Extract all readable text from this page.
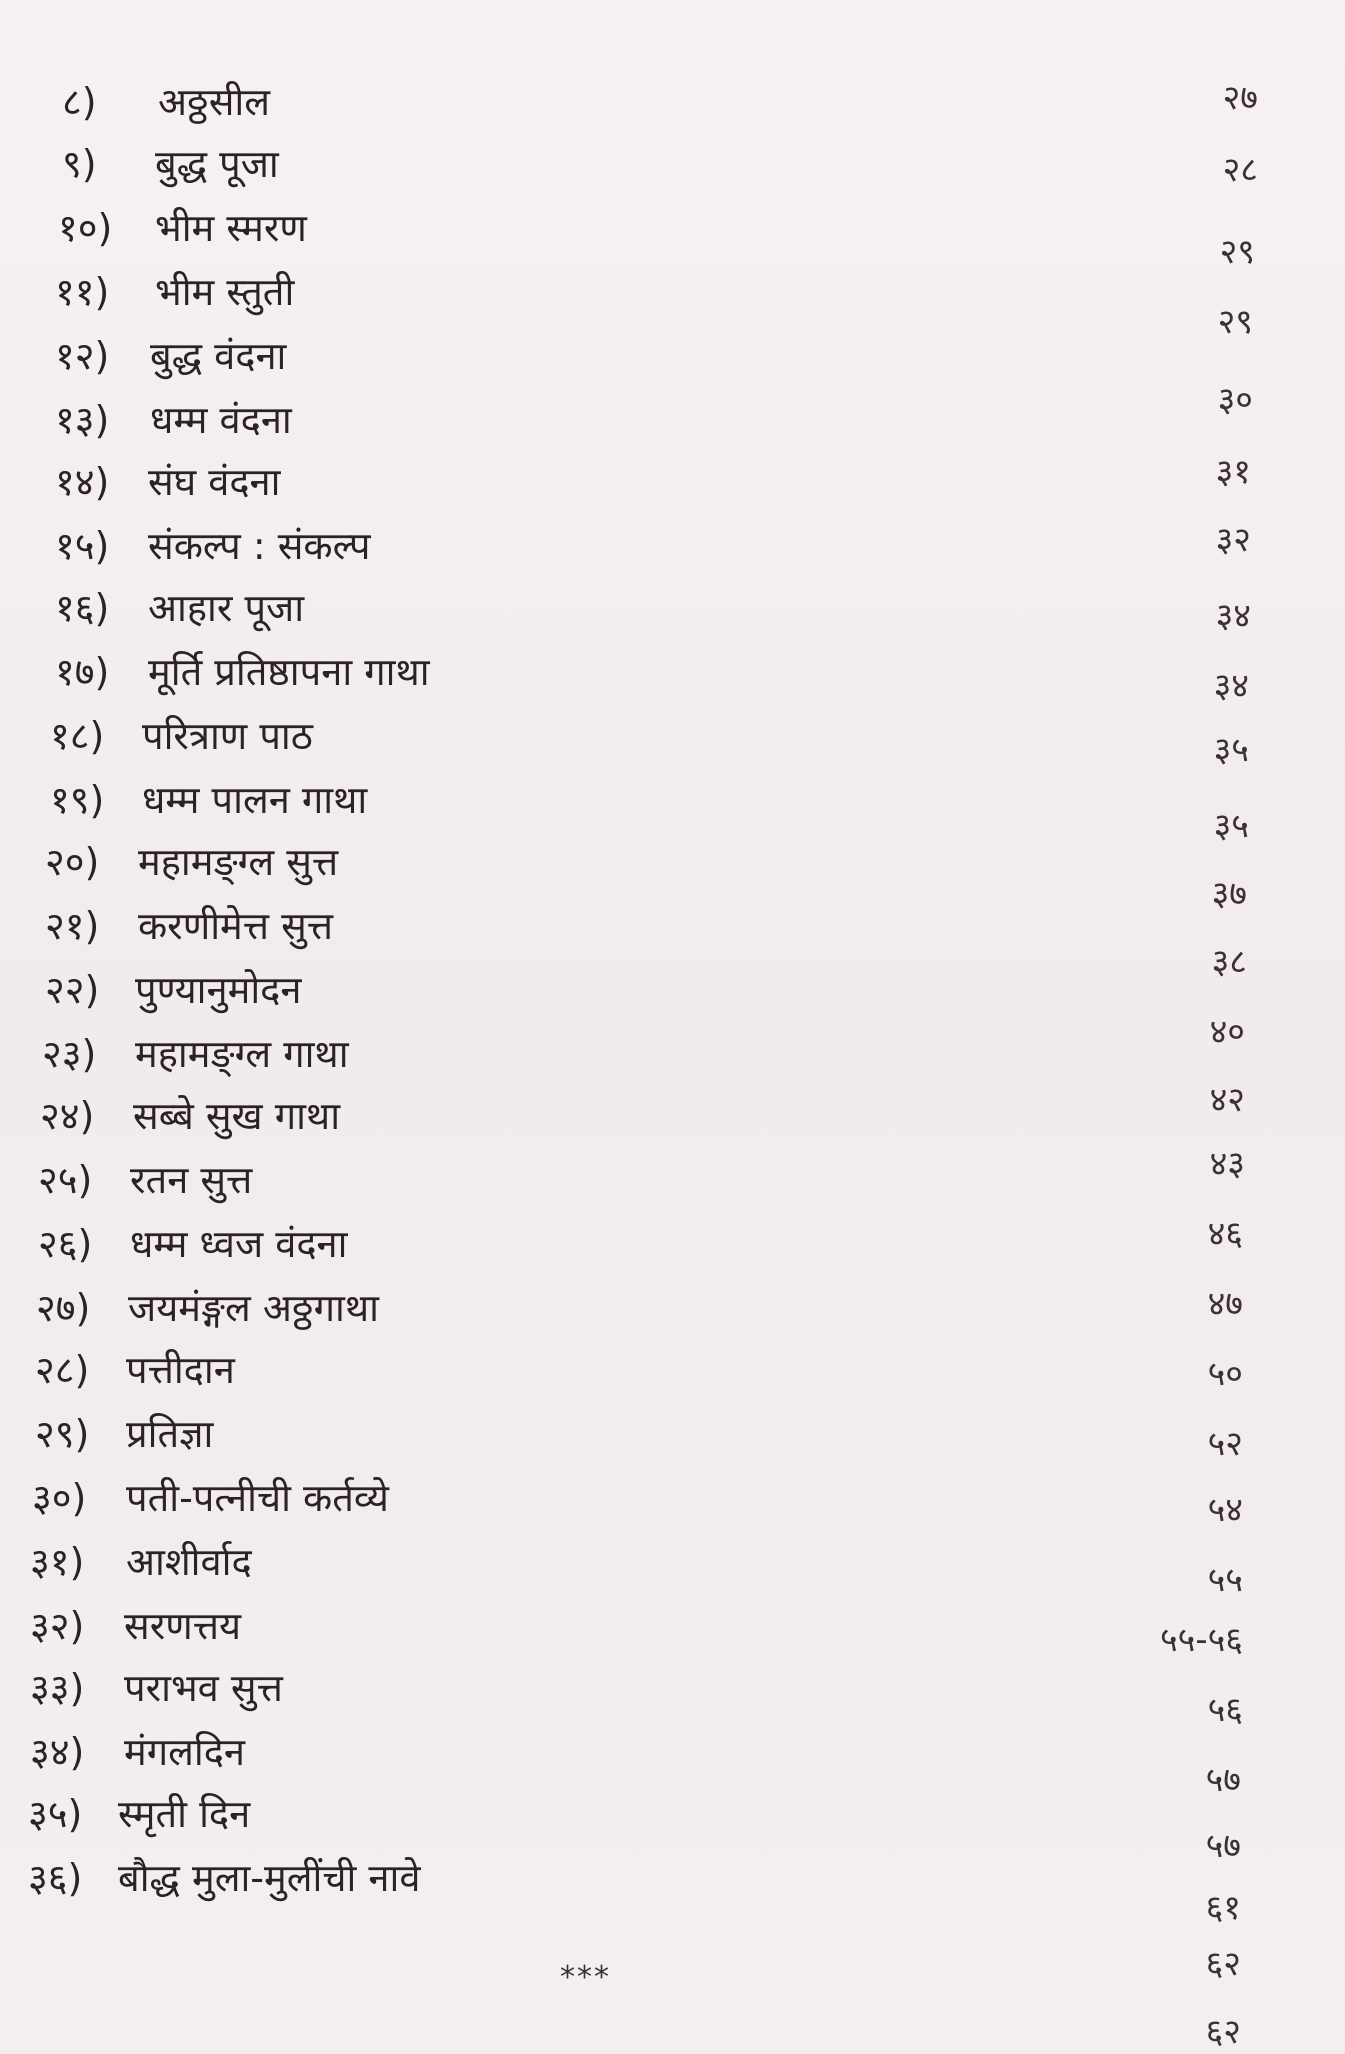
८) अठ्ठसील	२७
९) बुद्ध पूजा	२८
१०) भीम स्मरण
२९
११) भीम स्तुती
२९
१२) बुद्ध वंदना
३०
१३) धम्म वंदना
३१
१४) संघ वंदना
३२
१५) संकल्प : संकल्प
३४
१६) आहार पूजा
३४
१७) मूर्ति प्रतिष्ठापना गाथा
३५
१८) परित्राण पाठ
३५
१९) धम्म पालन गाथा
३७
२०) महामङ्ग्ल सुत्त
३८
२१) करणीमेत्त सुत्त
४०
२२) पुण्यानुमोदन
४२
२३) महामङ्ग्ल गाथा
४३
२४) सब्बे सुख गाथा
४६
२५) रतन सुत्त
४७
२६) धम्म ध्वज वंदना
५०
२७) जयमंङ्गल अठ्ठगाथा
५२
२८) पत्तीदान
५४
२९) प्रतिज्ञा
५५
३०) पती-पत्नीची कर्तव्ये
५५-५६
३१) आशीर्वाद
५६
३२) सरणत्तय
५७
३३) पराभव सुत्त
५७
३४) मंगलदिन
६१
३५) स्मृती दिन
६२
३६) बौद्ध मुला-मुलींची नावे
६२
***
